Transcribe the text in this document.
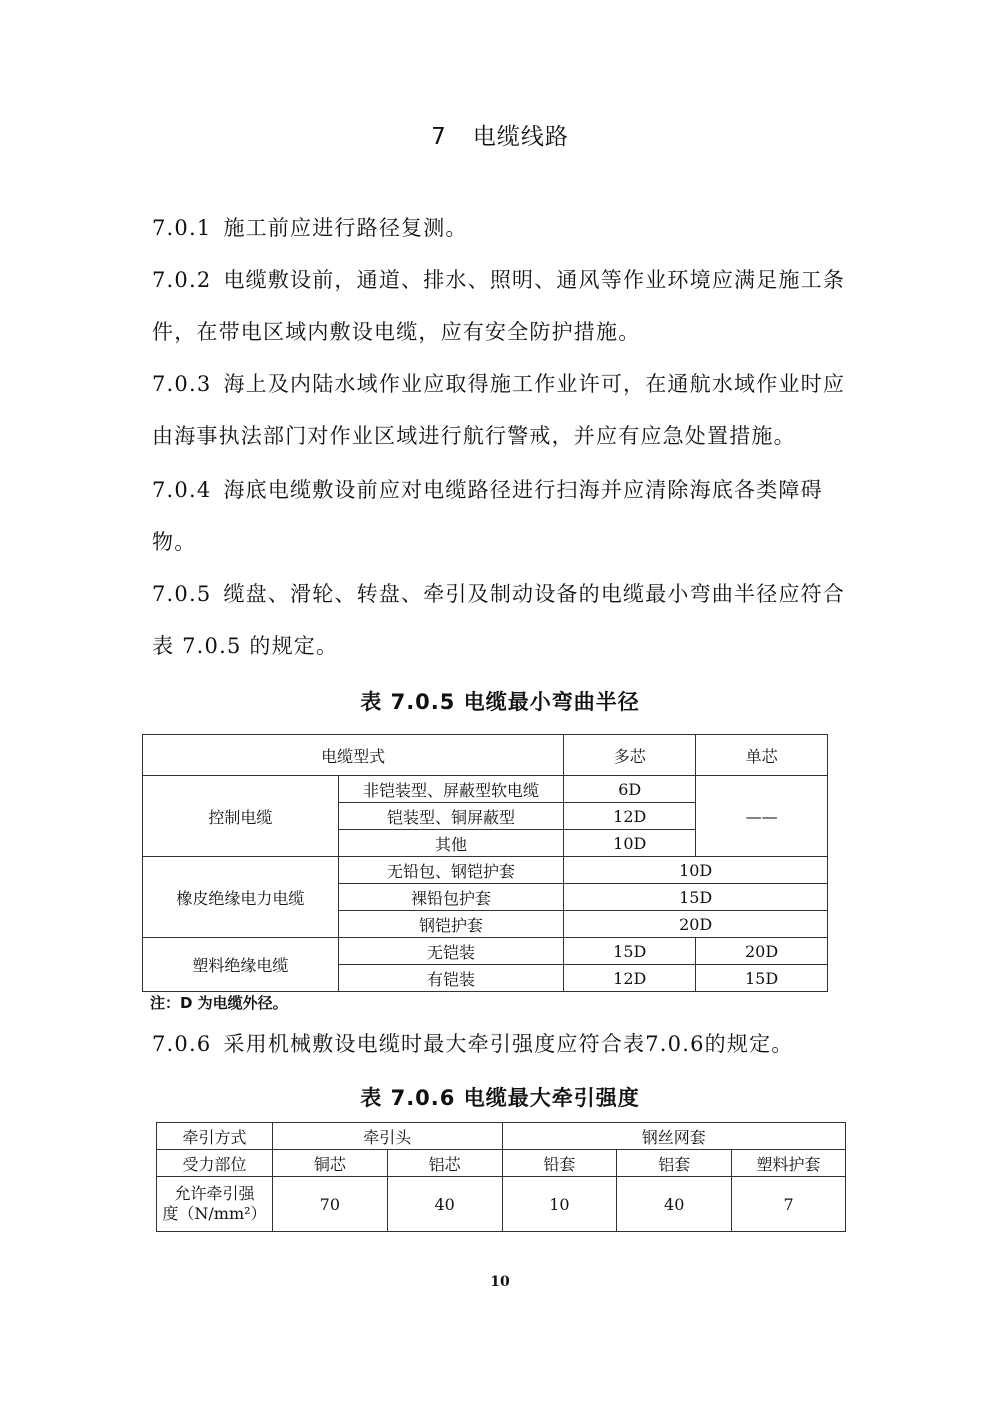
7 电缆线路
7.0.1 施工前应进行路径复测。
7.0.2 电缆敷设前，通道、排水、照明、通风等作业环境应满足施工条件，在带电区域内敷设电缆，应有安全防护措施。
7.0.3 海上及内陆水域作业应取得施工作业许可，在通航水域作业时应由海事执法部门对作业区域进行航行警戒，并应有应急处置措施。
7.0.4 海底电缆敷设前应对电缆路径进行扫海并应清除海底各类障碍物。
7.0.5 缆盘、滑轮、转盘、牵引及制动设备的电缆最小弯曲半径应符合表 7.0.5 的规定。
表 7.0.5 电缆最小弯曲半径
电缆型式		多芯	单芯
控制电缆	非铠装型、屏蔽型软电缆	6D	——
	铠装型、铜屏蔽型	12D	
	其他	10D	
橡皮绝缘电力电缆	无铅包、钢铠护套	10D	
	裸铅包护套	15D	
	钢铠护套	20D	
塑料绝缘电缆	无铠装	15D	20D
	有铠装	12D	15D
注：D 为电缆外径。
7.0.6 采用机械敷设电缆时最大牵引强度应符合表7.0.6的规定。
表 7.0.6 电缆最大牵引强度
牵引方式	牵引头		钢丝网套		
受力部位	铜芯	铝芯	铅套	铝套	塑料护套

允许牵引强
度（N/mm²）	70	40	10	40	7
10
